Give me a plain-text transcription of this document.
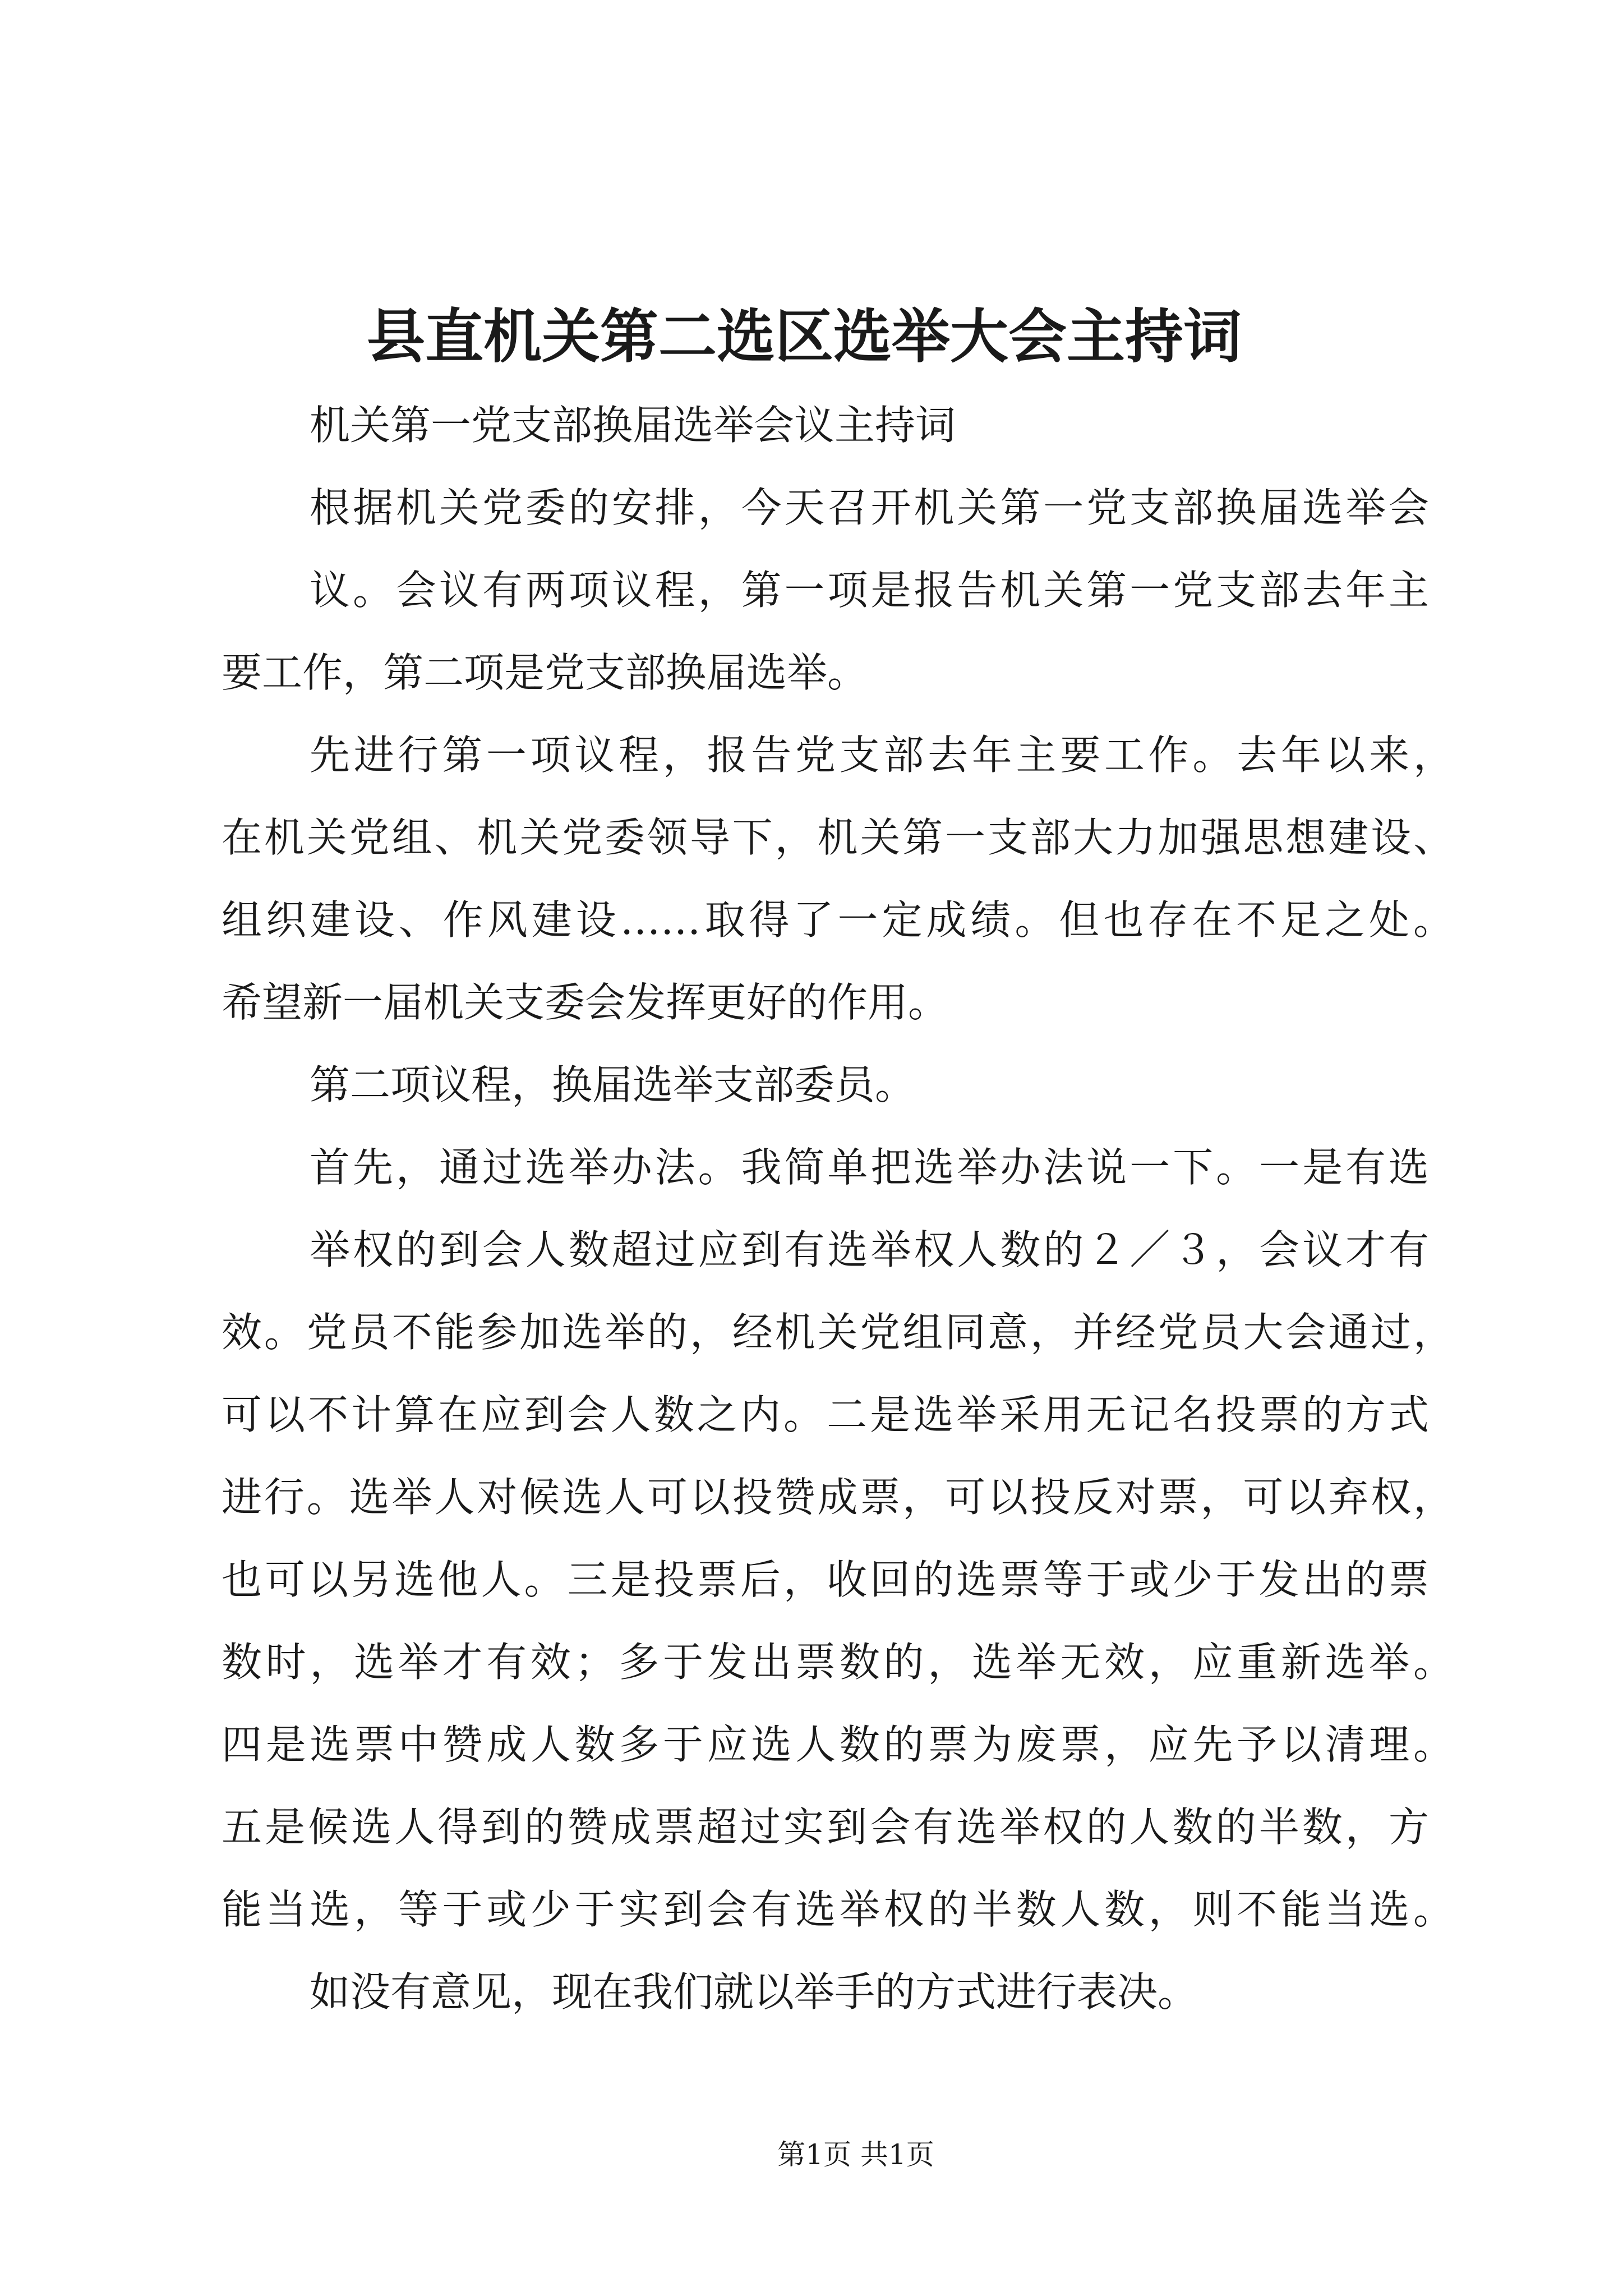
县直机关第二选区选举大会主持词
机关第一党支部换届选举会议主持词
根据机关党委的安排，今天召开机关第一党支部换届选举会
议。会议有两项议程，第一项是报告机关第一党支部去年主
要工作，第二项是党支部换届选举。
先进行第一项议程，报告党支部去年主要工作。去年以来，
在机关党组、机关党委领导下，机关第一支部大力加强思想建设、
组织建设、作风建设……取得了一定成绩。但也存在不足之处。
希望新一届机关支委会发挥更好的作用。
第二项议程，换届选举支部委员。
首先，通过选举办法。我简单把选举办法说一下。一是有选
举权的到会人数超过应到有选举权人数的２／３，会议才有
效。党员不能参加选举的，经机关党组同意，并经党员大会通过，
可以不计算在应到会人数之内。二是选举采用无记名投票的方式
进行。选举人对候选人可以投赞成票，可以投反对票，可以弃权，
也可以另选他人。三是投票后，收回的选票等于或少于发出的票
数时，选举才有效；多于发出票数的，选举无效，应重新选举。
四是选票中赞成人数多于应选人数的票为废票，应先予以清理。
五是候选人得到的赞成票超过实到会有选举权的人数的半数，方
能当选，等于或少于实到会有选举权的半数人数，则不能当选。
如没有意见，现在我们就以举手的方式进行表决。
第1页 共1页
